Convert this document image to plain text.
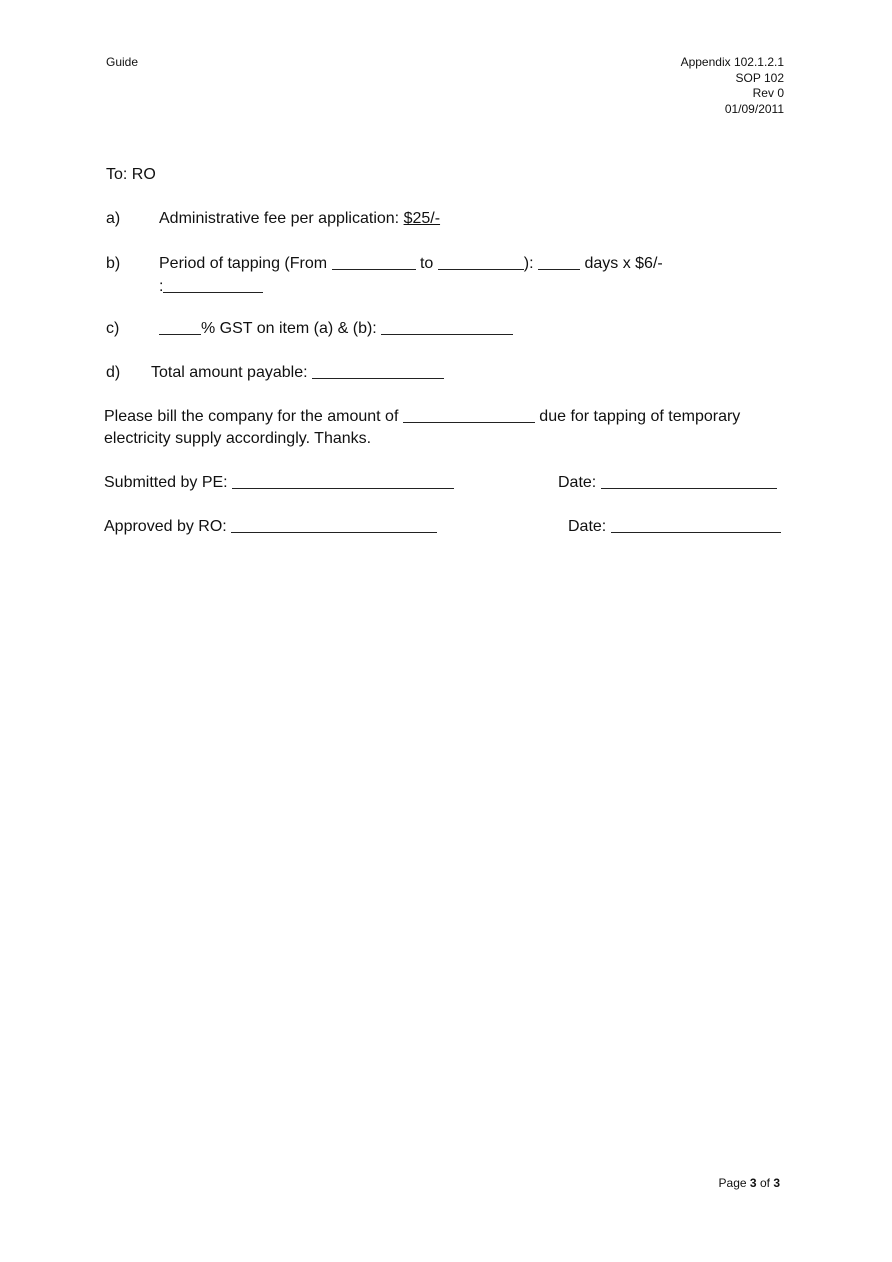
Guide	Appendix 102.1.2.1
SOP 102
Rev 0
01/09/2011
To: RO
a) Administrative fee per application: $25/-
b) Period of tapping (From	to	):	days x $6/-
:
c)	% GST on item (a) & (b):
d) Total amount payable:
Please bill the company for the amount of	due for tapping of temporary
electricity supply accordingly. Thanks.
Submitted by PE:	Date:
Approved by RO:	Date:
Page 3 of 3
